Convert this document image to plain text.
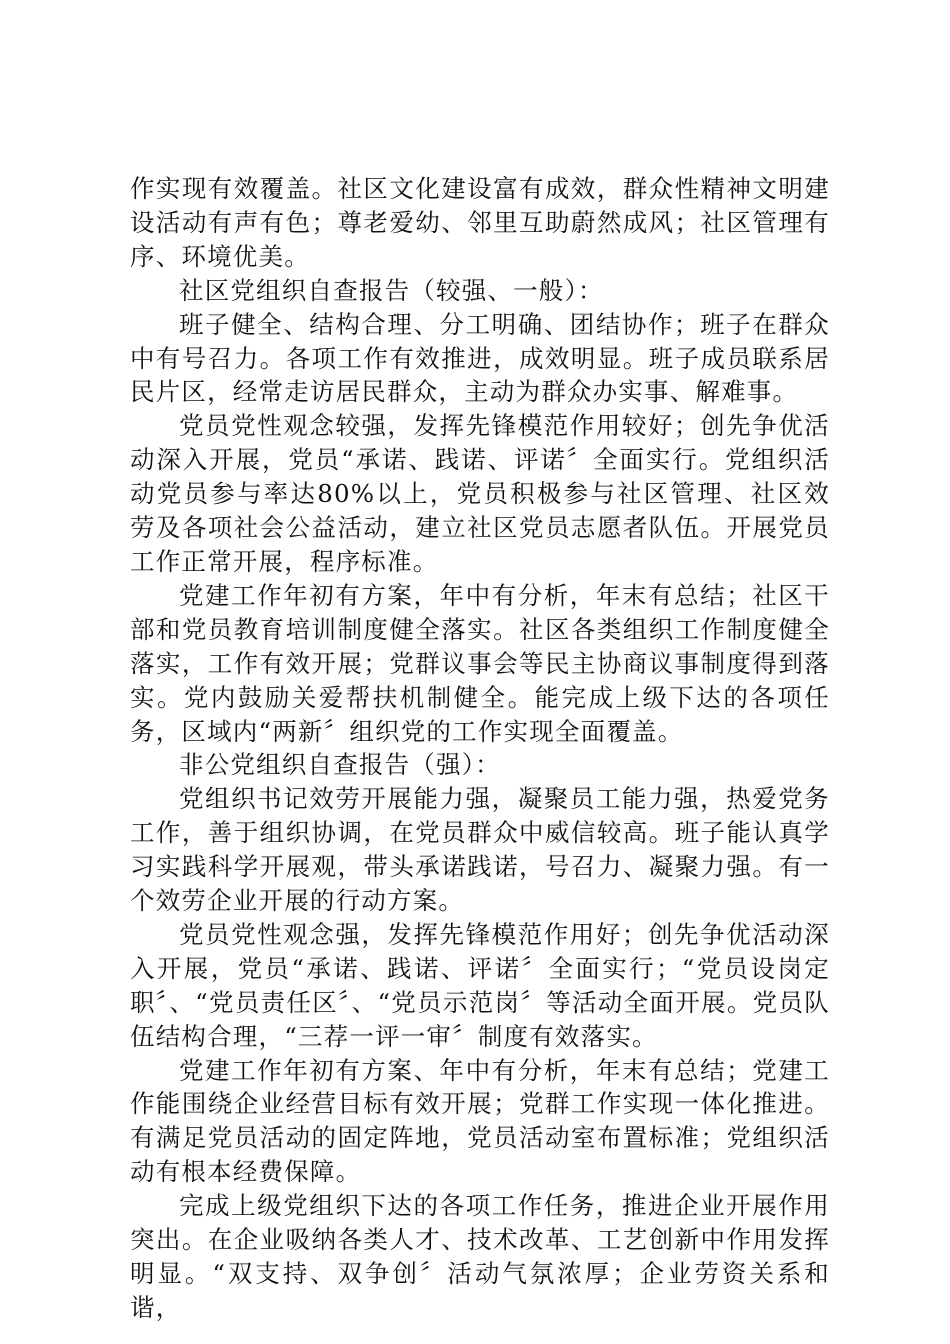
作实现有效覆盖。社区文化建设富有成效，群众性精神文明建设活动有声有色；尊老爱幼、邻里互助蔚然成风；社区管理有序、环境优美。

社区党组织自查报告（较强、一般）：

班子健全、结构合理、分工明确、团结协作；班子在群众中有号召力。各项工作有效推进，成效明显。班子成员联系居民片区，经常走访居民群众，主动为群众办实事、解难事。

党员党性观念较强，发挥先锋模范作用较好；创先争优活动深入开展，党员“承诺、践诺、评诺〞全面实行。党组织活动党员参与率达80%以上，党员积极参与社区管理、社区效劳及各项社会公益活动，建立社区党员志愿者队伍。开展党员工作正常开展，程序标准。

党建工作年初有方案，年中有分析，年末有总结；社区干部和党员教育培训制度健全落实。社区各类组织工作制度健全落实，工作有效开展；党群议事会等民主协商议事制度得到落实。党内鼓励关爱帮扶机制健全。能完成上级下达的各项任务，区域内“两新〞组织党的工作实现全面覆盖。

非公党组织自查报告（强）：

党组织书记效劳开展能力强，凝聚员工能力强，热爱党务工作，善于组织协调，在党员群众中威信较高。班子能认真学习实践科学开展观，带头承诺践诺，号召力、凝聚力强。有一个效劳企业开展的行动方案。

党员党性观念强，发挥先锋模范作用好；创先争优活动深入开展，党员“承诺、践诺、评诺〞全面实行；“党员设岗定职〞、“党员责任区〞、“党员示范岗〞等活动全面开展。党员队伍结构合理，“三荐一评一审〞制度有效落实。

党建工作年初有方案、年中有分析，年末有总结；党建工作能围绕企业经营目标有效开展；党群工作实现一体化推进。有满足党员活动的固定阵地，党员活动室布置标准；党组织活动有根本经费保障。

完成上级党组织下达的各项工作任务，推进企业开展作用突出。在企业吸纳各类人才、技术改革、工艺创新中作用发挥明显。“双支持、双争创〞活动气氛浓厚；企业劳资关系和谐，
